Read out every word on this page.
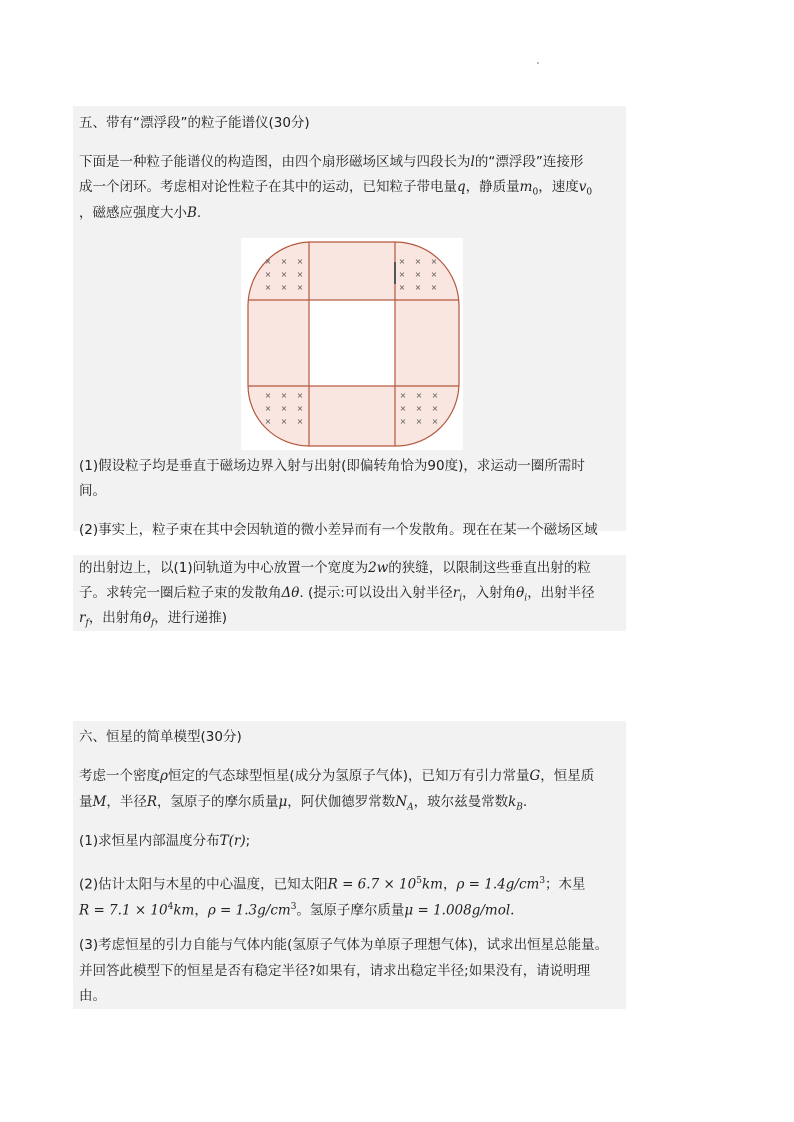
五、带有“漂浮段”的粒子能谱仪(30分)
下面是一种粒子能谱仪的构造图，由四个扇形磁场区域与四段长为l的“漂浮段”连接形
成一个闭环。考虑相对论性粒子在其中的运动，已知粒子带电量q，静质量$m_0$，速度$v_0$
，磁感应强度大小B.
(1)假设粒子均是垂直于磁场边界入射与出射(即偏转角恰为90度)，求运动一圈所需时
间。
(2)事实上，粒子束在其中会因轨道的微小差异而有一个发散角。现在在某一个磁场区域
× × ×
× × ×
× × ×
× × ×
× × ×
× × ×
× × ×
× × ×
× × ×
× × ×
× × ×
× × ×
的出射边上，以(1)问轨道为中心放置一个宽度为2w的狭缝，以限制这些垂直出射的粒
子。求转完一圈后粒子束的发散角Δθ. (提示:可以设出入射半径$r_i$，入射角$\theta_i$，出射半径
$r_f$，出射角$\theta_f$，进行递推)
六、恒星的简单模型(30分)
考虑一个密度ρ恒定的气态球型恒星(成分为氢原子气体)，已知万有引力常量G，恒星质
量M，半径R，氢原子的摩尔质量μ，阿伏伽德罗常数$N_A$，玻尔兹曼常数$k_B$.
(1)求恒星内部温度分布T(r);
(2)估计太阳与木星的中心温度，已知太阳$R = 6.7 \times 10^5km$，$\rho = 1.4g/cm^3$；木星
$R = 7.1 \times 10^4km$，$\rho = 1.3g/cm^3$。氢原子摩尔质量μ = 1.008g/mol.
(3)考虑恒星的引力自能与气体内能(氢原子气体为单原子理想气体)，试求出恒星总能量。
并回答此模型下的恒星是否有稳定半径?如果有，请求出稳定半径;如果没有，请说明理
由。
